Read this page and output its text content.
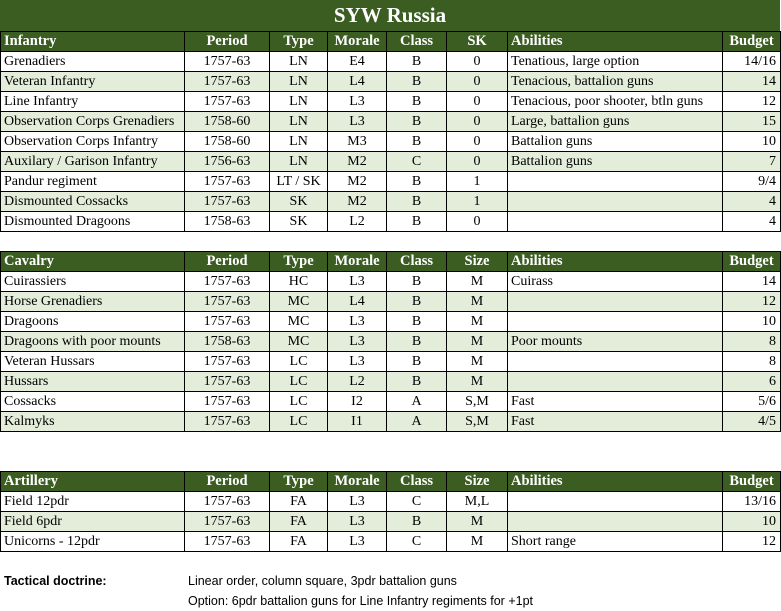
SYW Russia
Infantry	Period	Type	Morale	Class	SK	Abilities	Budget
Grenadiers	1757-63	LN	E4	B	0	Tenatious, large option	14/16
Veteran Infantry	1757-63	LN	L4	B	0	Tenacious, battalion guns	14
Line Infantry	1757-63	LN	L3	B	0	Tenacious, poor shooter, btln guns	12
Observation Corps Grenadiers	1758-60	LN	L3	B	0	Large, battalion guns	15
Observation Corps Infantry	1758-60	LN	M3	B	0	Battalion guns	10
Auxilary / Garison Infantry	1756-63	LN	M2	C	0	Battalion guns	7
Pandur regiment	1757-63	LT / SK	M2	B	1		9/4
Dismounted Cossacks	1757-63	SK	M2	B	1		4
Dismounted Dragoons	1758-63	SK	L2	B	0		4
Cavalry	Period	Type	Morale	Class	Size	Abilities	Budget
Cuirassiers	1757-63	HC	L3	B	M	Cuirass	14
Horse Grenadiers	1757-63	MC	L4	B	M		12
Dragoons	1757-63	MC	L3	B	M		10
Dragoons with poor mounts	1758-63	MC	L3	B	M	Poor mounts	8
Veteran Hussars	1757-63	LC	L3	B	M		8
Hussars	1757-63	LC	L2	B	M		6
Cossacks	1757-63	LC	I2	A	S,M	Fast	5/6
Kalmyks	1757-63	LC	I1	A	S,M	Fast	4/5
Artillery	Period	Type	Morale	Class	Size	Abilities	Budget
Field 12pdr	1757-63	FA	L3	C	M,L		13/16
Field 6pdr	1757-63	FA	L3	B	M		10
Unicorns - 12pdr	1757-63	FA	L3	C	M	Short range	12
Tactical doctrine:	Linear order, column square, 3pdr battalion guns
Option: 6pdr battalion guns for Line Infantry regiments for +1pt
